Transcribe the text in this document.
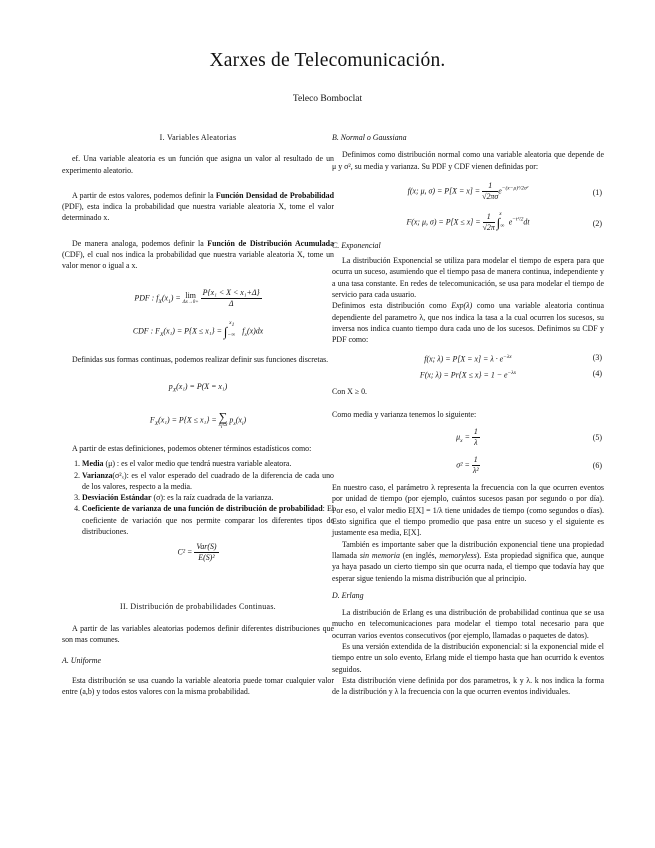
Xarxes de Telecomunicación.
Teleco Bomboclat

I. Variables Aleatorias

ef. Una variable aleatoria es un función que asigna un valor al resultado de un experimento aleatorio.

A partir de estos valores, podemos definir la Función Densidad de Probabilidad (PDF), esta indica la probabilidad que nuestra variable aleatoria X, tome el valor determinado x.

De manera analoga, podemos definir la Función de Distribución Acumulada (CDF), el cual nos indica la probabilidad que nuestra variable aleatoria X, tome un valor menor o igual a x.

PDF : $f_X(x_1) = \lim$
Δx→0+
$\frac{\text{P\{x₁ < X < x₁+Δ\}}}{\Delta}$
CDF : $F_X(x_1) = P\{X \le x_1\} = \int_{-\infty}^{x_1}$ $f_x(x)dx$

Definidas sus formas continuas, podemos realizar definir sus funciones discretas.

$p_X(x_1) = P(X = x_1)$
$F_X(x_1) = P\{X \le x_1\}$ = ∑
$x_i\le x$
$p_x(x_i)$

A partir de estas definiciones, podemos obtener términos estadísticos como:

1. Media (μ) : es el valor medio que tendrá nuestra variable aleatora.
2. Varianza(σ²ₓ): es el valor esperado del cuadrado de la diferencia de cada uno de los valores, respecto a la media.
3. Desviación Estándar (σ): es la raíz cuadrada de la varianza.
4. Coeficiente de varianza de una función de distribución de probabilidad: El coeficiente de variación que nos permite comparar los diferentes tipos de distribuciones.
$C^2 = \frac{\text{Var(S)}}{\text{E(S)²}}$

II. Distribución de probabilidades Continuas.

A partir de las variables aleatorias podemos definir diferentes distribuciones que son mas comunes.

A. Uniforme

Esta distribución se usa cuando la variable aleatoria puede tomar cualquier valor entre (a,b) y todos estos valores con la misma probabilidad.

B. Normal o Gaussiana

Definimos como distribución normal como una variable aleatoria que depende de μ y σ², su media y varianza. Su PDF y CDF vienen definidas por:

f(x; μ, $\sigma) = P[X = x] = \frac{1}{√2\pi\sigma} e^{-(x-\mu)^2/2\sigma^2}$	(1)
F(x; μ, $\sigma) = P[X \le x] = \frac{1}{√2\pi} \int_\infty^x$ $e^{-t^2/2}dt$	(2)

C. Exponencial

La distribución Exponencial se utiliza para modelar el tiempo de espera para que ocurra un suceso, asumiendo que el tiempo pasa de manera continua, independiente y a una tasa constante. En redes de telecomunicación, se usa para modelar el tiempo de servicio para cada usuario.

Definimos esta distribución como Exp(λ) como una variable aleatoria continua dependiente del parametro λ, que nos indica la tasa a la cual ocurren los sucesos, su inversa nos indica cuanto tiempo dura cada uno de los sucesos. Definimos su CDF y PDF como:

f(x; $\lambda) = P[X = x] = \lambda \cdot e^{-\lambda x}$	(3)
F(x; $\lambda) = Pr\{X \le x\} = 1 - e^{-\lambda x}$	(4)

Con X ≥ 0.

Como media y varianza tenemos lo siguiente:

$\mu_x = \frac{1}{\lambda}$	(5)
$\sigma^2 = \frac{1}{\text{λ²}}$	(6)

En nuestro caso, el parámetro λ representa la frecuencia con la que ocurren eventos por unidad de tiempo (por ejemplo, cuántos sucesos pasan por segundo o por día). Por eso, el valor medio E[X] = 1/λ tiene unidades de tiempo (como segundos o días). Esto significa que el tiempo promedio que pasa entre un suceso y el siguiente es justamente esa media, E[X].

También es importante saber que la distribución exponencial tiene una propiedad llamada sin memoria (en inglés, memoryless). Esta propiedad significa que, aunque ya haya pasado un cierto tiempo sin que ocurra nada, el tiempo que todavía hay que esperar sigue teniendo la misma distribución que al principio.

D. Erlang

La distribución de Erlang es una distribución de probabilidad continua que se usa mucho en telecomunicaciones para modelar el tiempo total necesario para que ocurran varios eventos consecutivos (por ejemplo, llamadas o paquetes de datos).

Es una versión extendida de la distribución exponencial: si la exponencial mide el tiempo entre un solo evento, Erlang mide el tiempo hasta que han ocurrido k eventos seguidos.

Esta distribución viene definida por dos parametros, k y λ. k nos indica la forma de la distribución y λ la frecuencia con la que ocurren eventos individuales.
